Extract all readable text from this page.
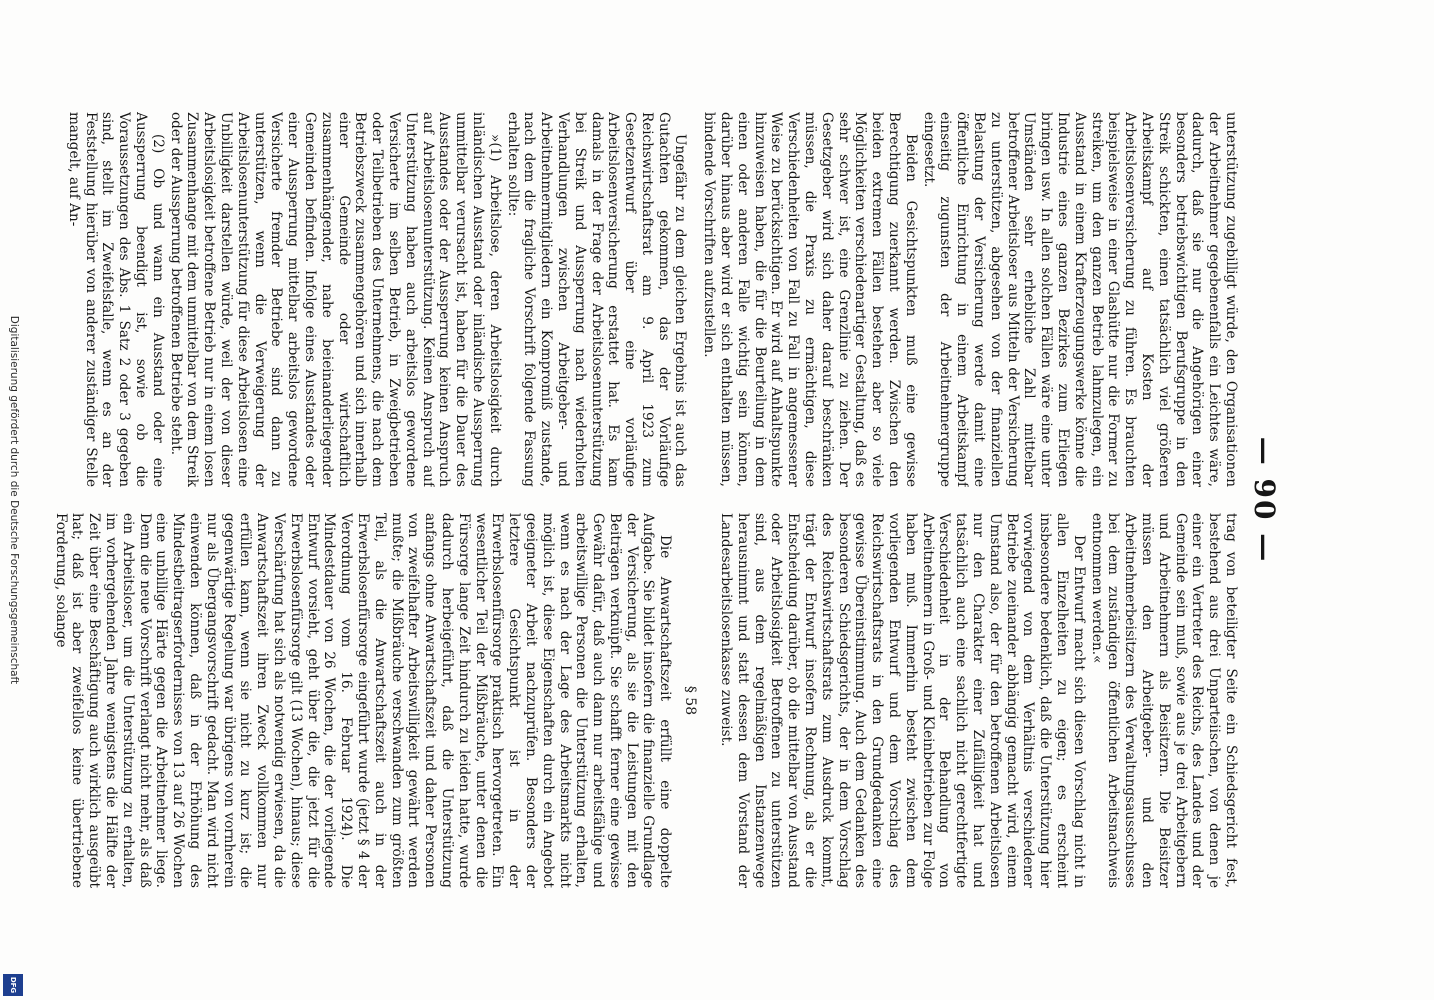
— 90 —

unterstützung zugebilligt würde, den Organisationen der Arbeitnehmer gegebenenfalls ein Leichtes wäre, dadurch, daß sie nur die Angehörigen einer besonders betriebswichtigen Berufsgruppe in den Streik schickten, einen tatsächlich viel größeren Arbeitskampf auf Kosten der Arbeitslosenversicherung zu führen. Es brauchten beispielsweise in einer Glashütte nur die Former zu streiken, um den ganzen Betrieb lahmzulegen, ein Ausstand in einem Krafterzeugungswerke könne die Industrie eines ganzen Bezirkes zum Erliegen bringen usw. In allen solchen Fällen wäre eine unter Umständen sehr erhebliche Zahl mittelbar betroffener Arbeitsloser aus Mitteln der Versicherung zu unterstützen, abgesehen von der finanziellen Belastung der Versicherung werde damit eine öffentliche Einrichtung in einem Arbeitskampf einseitig zugunsten der Arbeitnehmergruppe eingesetzt.

Beiden Gesichtspunkten muß eine gewisse Berechtigung zuerkannt werden. Zwischen den beiden extremen Fällen bestehen aber so viele Möglichkeiten verschiedenartiger Gestaltung, daß es sehr schwer ist, eine Grenzlinie zu ziehen. Der Gesetzgeber wird sich daher darauf beschränken müssen, die Praxis zu ermächtigen, diese Verschiedenheiten von Fall zu Fall in angemessener Weise zu berücksichtigen. Er wird auf Anhaltspunkte hinzuweisen haben, die für die Beurteilung in dem einen oder anderen Falle wichtig sein können, darüber hinaus aber wird er sich enthalten müssen, bindende Vorschriften aufzustellen.

Ungefähr zu dem gleichen Ergebnis ist auch das Gutachten gekommen, das der Vorläufige Reichswirtschaftsrat am 9. April 1923 zum Gesetzentwurf über eine vorläufige Arbeitslosenversicherung erstattet hat. Es kam damals in der Frage der Arbeitslosenunterstützung bei Streik und Aussperrung nach wiederholten Verhandlungen zwischen Arbeitgeber- und Arbeitnehmermitgliedern ein Kompromiß zustande, nach dem die fragliche Vorschrift folgende Fassung erhalten sollte:

»(1) Arbeitslose, deren Arbeitslosigkeit durch inländischen Ausstand oder inländische Aussperrung unmittelbar verursacht ist, haben für die Dauer des Ausstandes oder der Aussperrung keinen Anspruch auf Arbeitslosenunterstützung. Keinen Anspruch auf Unterstützung haben auch arbeitslos gewordene Versicherte im selben Betrieb, in Zweigbetrieben oder Teilbetrieben des Unternehmens, die nach dem Betriebszweck zusammengehören und sich innerhalb einer Gemeinde oder wirtschaftlich zusammenhängender, nahe beieinanderliegender Gemeinden befinden. Infolge eines Ausstandes oder einer Aussperrung mittelbar arbeitslos gewordene Versicherte fremder Betriebe sind dann zu unterstützen, wenn die Verweigerung der Arbeitslosenunterstützung für diese Arbeitslosen eine Unbilligkeit darstellen würde, weil der von dieser Arbeitslosigkeit betroffene Betrieb nur in einem losen Zusammenhange mit dem unmittelbar von dem Streik oder der Aussperrung betroffenen Betriebe steht.

(2) Ob und wann ein Ausstand oder eine Aussperrung beendigt ist, sowie ob die Voraussetzungen des Abs. 1 Satz 2 oder 3 gegeben sind, stellt im Zweifelsfalle, wenn es an der Feststellung hierüber von anderer zuständiger Stelle mangelt, auf An-

trag von beteiligter Seite ein Schiedsgericht fest, bestehend aus drei Unparteiischen, von denen je einer ein Vertreter des Reichs, des Landes und der Gemeinde sein muß, sowie aus je drei Arbeitgebern und Arbeitnehmern als Beisitzern. Die Beisitzer müssen den Arbeitgeber- und den Arbeitnehmerbeisitzern des Verwaltungsausschusses bei dem zuständigen öffentlichen Arbeitsnachweis entnommen werden.«

Der Entwurf macht sich diesen Vorschlag nicht in allen Einzelheiten zu eigen; es erscheint insbesondere bedenklich, daß die Unterstützung hier vorwiegend von dem Verhältnis verschiedener Betriebe zueinander abhängig gemacht wird, einem Umstand also, der für den betroffenen Arbeitslosen nur den Charakter einer Zufälligkeit hat und tatsächlich auch eine sachlich nicht gerechtfertigte Verschiedenheit in der Behandlung von Arbeitnehmern in Groß- und Kleinbetrieben zur Folge haben muß. Immerhin besteht zwischen dem vorliegenden Entwurf und dem Vorschlag des Reichswirtschaftsrats in den Grundgedanken eine gewisse Übereinstimmung. Auch dem Gedanken des besonderen Schiedsgerichts, der in dem Vorschlag des Reichswirtschaftsrats zum Ausdruck kommt, trägt der Entwurf insofern Rechnung, als er die Entscheidung darüber, ob die mittelbar von Ausstand oder Arbeitslosigkeit Betroffenen zu unterstützen sind, aus dem regelmäßigen Instanzenwege herausnimmt und statt dessen dem Vorstand der Landesarbeitslosenkasse zuweist.

§ 58

Die Anwartschaftszeit erfüllt eine doppelte Aufgabe. Sie bildet insofern die finanzielle Grundlage der Versicherung, als sie die Leistungen mit den Beiträgen verknüpft. Sie schafft ferner eine gewisse Gewähr dafür, daß auch dann nur arbeitsfähige und arbeitswillige Personen die Unterstützung erhalten, wenn es nach der Lage des Arbeitsmarkts nicht möglich ist, diese Eigenschaften durch ein Angebot geeigneter Arbeit nachzuprüfen. Besonders der letztere Gesichtspunkt ist in der Erwerbslosenfürsorge praktisch hervorgetreten. Ein wesentlicher Teil der Mißbräuche, unter denen die Fürsorge lange Zeit hindurch zu leiden hatte, wurde dadurch herbeigeführt, daß die Unterstützung anfangs ohne Anwartschaftszeit und daher Personen von zweifelhafter Arbeitswilligkeit gewährt werden mußte; die Mißbräuche verschwanden zum größten Teil, als die Anwartschaftszeit auch in der Erwerbslosenfürsorge eingeführt wurde (jetzt § 4 der Verordnung vom 16. Februar 1924). Die Mindestdauer von 26 Wochen, die der vorliegende Entwurf vorsieht, geht über die, die jetzt für die Erwerbslosenfürsorge gilt (13 Wochen), hinaus; diese Verschärfung hat sich als notwendig erwiesen, da die Anwartschaftszeit ihren Zweck vollkommen nur erfüllen kann, wenn sie nicht zu kurz ist; die gegenwärtige Regelung war übrigens von vornherein nur als Übergangsvorschrift gedacht. Man wird nicht einwenden können, daß in der Erhöhung des Mindestbeitragserfordernisses von 13 auf 26 Wochen eine unbillige Härte gegen die Arbeitnehmer liege. Denn die neue Vorschrift verlangt nicht mehr, als daß ein Arbeitsloser, um die Unterstützung zu erhalten, im vorhergehenden Jahre wenigstens die Hälfte der Zeit über eine Beschäftigung auch wirklich ausgeübt hat; daß ist aber zweifellos keine übertriebene Forderung, solange

Digitalisierung gefördert durch die Deutsche Forschungsgemeinschaft
DFG
